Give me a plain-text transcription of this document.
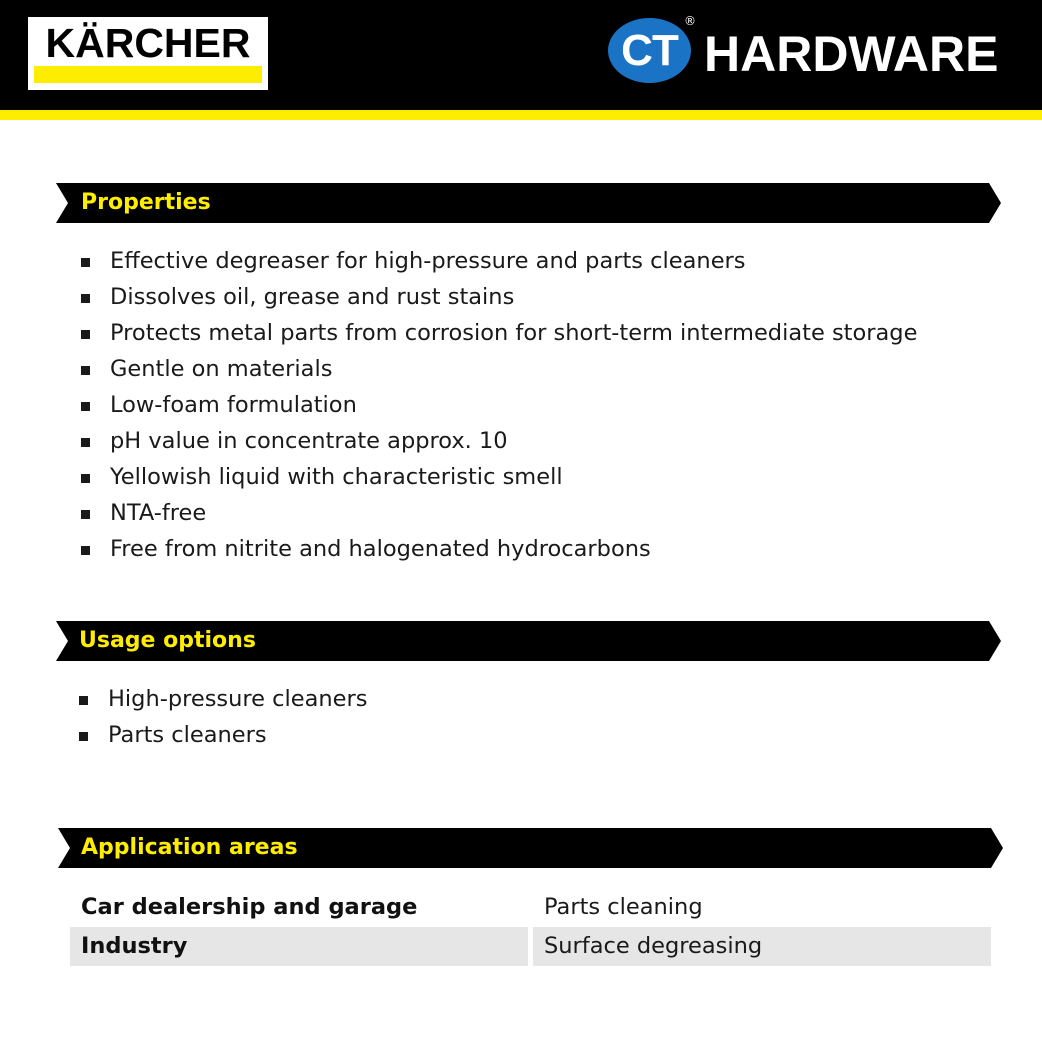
KÄRCHER	CT
®
HARDWARE
Properties
Effective degreaser for high-pressure and parts cleaners
Dissolves oil, grease and rust stains
Protects metal parts from corrosion for short-term intermediate storage
Gentle on materials
Low-foam formulation
pH value in concentrate approx. 10
Yellowish liquid with characteristic smell
NTA-free
Free from nitrite and halogenated hydrocarbons
Usage options
High-pressure cleaners
Parts cleaners
Application areas
Car dealership and garage	Parts cleaning
Industry	Surface degreasing
